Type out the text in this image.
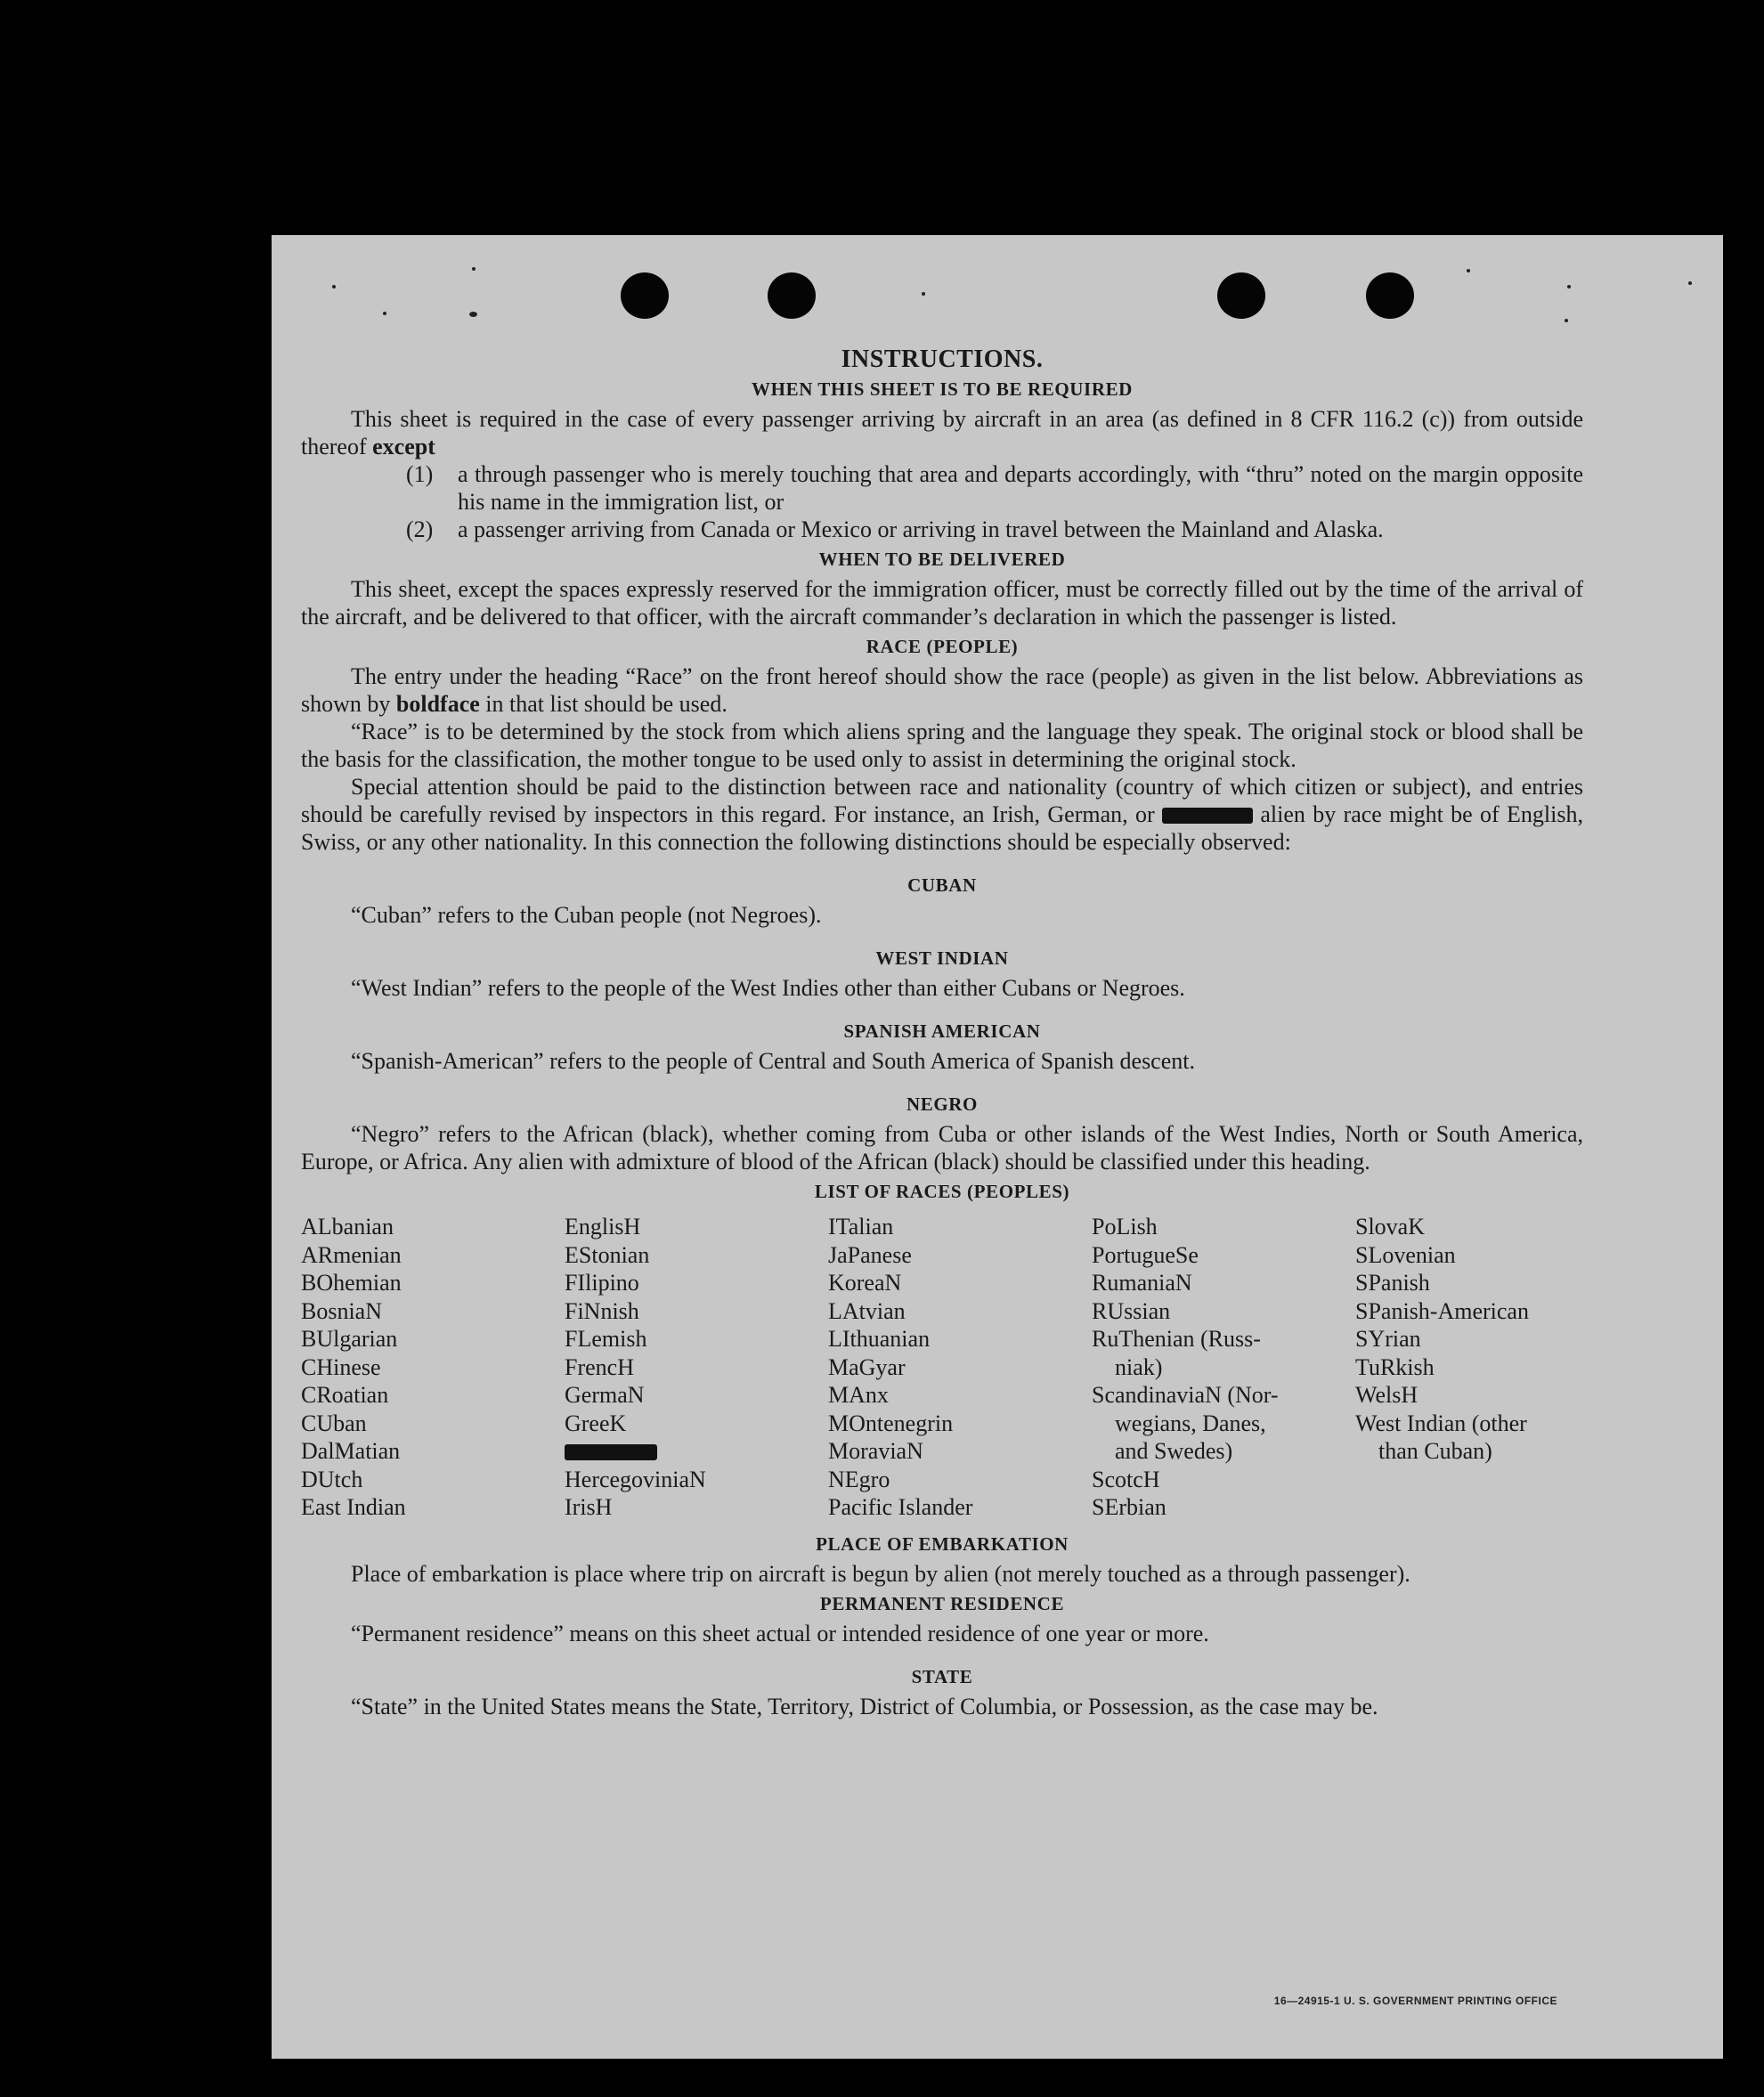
INSTRUCTIONS.
WHEN THIS SHEET IS TO BE REQUIRED

This sheet is required in the case of every passenger arriving by aircraft in an area (as defined in 8 CFR 116.2 (c)) from outside thereof except

(1)	a through passenger who is merely touching that area and departs accordingly, with “thru” noted on the margin opposite his name in the immigration list, or
(2)	a passenger arriving from Canada or Mexico or arriving in travel between the Mainland and Alaska.
WHEN TO BE DELIVERED

This sheet, except the spaces expressly reserved for the immigration officer, must be correctly filled out by the time of the arrival of the aircraft, and be delivered to that officer, with the aircraft commander’s declaration in which the passenger is listed.

RACE (PEOPLE)

The entry under the heading “Race” on the front hereof should show the race (people) as given in the list below. Abbreviations as shown by boldface in that list should be used.

“Race” is to be determined by the stock from which aliens spring and the language they speak. The original stock or blood shall be the basis for the classification, the mother tongue to be used only to assist in determining the original stock.

Special attention should be paid to the distinction between race and nationality (country of which citizen or subject), and entries should be carefully revised by inspectors in this regard. For instance, an Irish, German, or	alien by race might be of English, Swiss, or any other nationality. In this connection the following distinctions should be especially observed:

CUBAN

“Cuban” refers to the Cuban people (not Negroes).

WEST INDIAN

“West Indian” refers to the people of the West Indies other than either Cubans or Negroes.

SPANISH AMERICAN

“Spanish-American” refers to the people of Central and South America of Spanish descent.

NEGRO

“Negro” refers to the African (black), whether coming from Cuba or other islands of the West Indies, North or South America, Europe, or Africa. Any alien with admixture of blood of the African (black) should be classified under this heading.

LIST OF RACES (PEOPLES)
ALbanian
ARmenian
BOhemian
BosniaN
BUlgarian
CHinese
CRoatian
CUban
DalMatian
DUtch
East Indian
EnglisH
EStonian
FIlipino
FiNnish
FLemish
FrencH
GermaN
GreeK
HercegoviniaN
IrisH
ITalian
JaPanese
KoreaN
LAtvian
LIthuanian
MaGyar
MAnx
MOntenegrin
MoraviaN
NEgro
Pacific Islander
PoLish
PortugueSe
RumaniaN
RUssian
RuThenian (Russ-
niak)
ScandinaviaN (Nor-
wegians, Danes,
and Swedes)
ScotcH
SErbian
SlovaK
SLovenian
SPanish
SPanish-American
SYrian
TuRkish
WelsH
West Indian (other
than Cuban)
PLACE OF EMBARKATION

Place of embarkation is place where trip on aircraft is begun by alien (not merely touched as a through passenger).

PERMANENT RESIDENCE

“Permanent residence” means on this sheet actual or intended residence of one year or more.

STATE

“State” in the United States means the State, Territory, District of Columbia, or Possession, as the case may be.

16—24915-1 U. S. GOVERNMENT PRINTING OFFICE
